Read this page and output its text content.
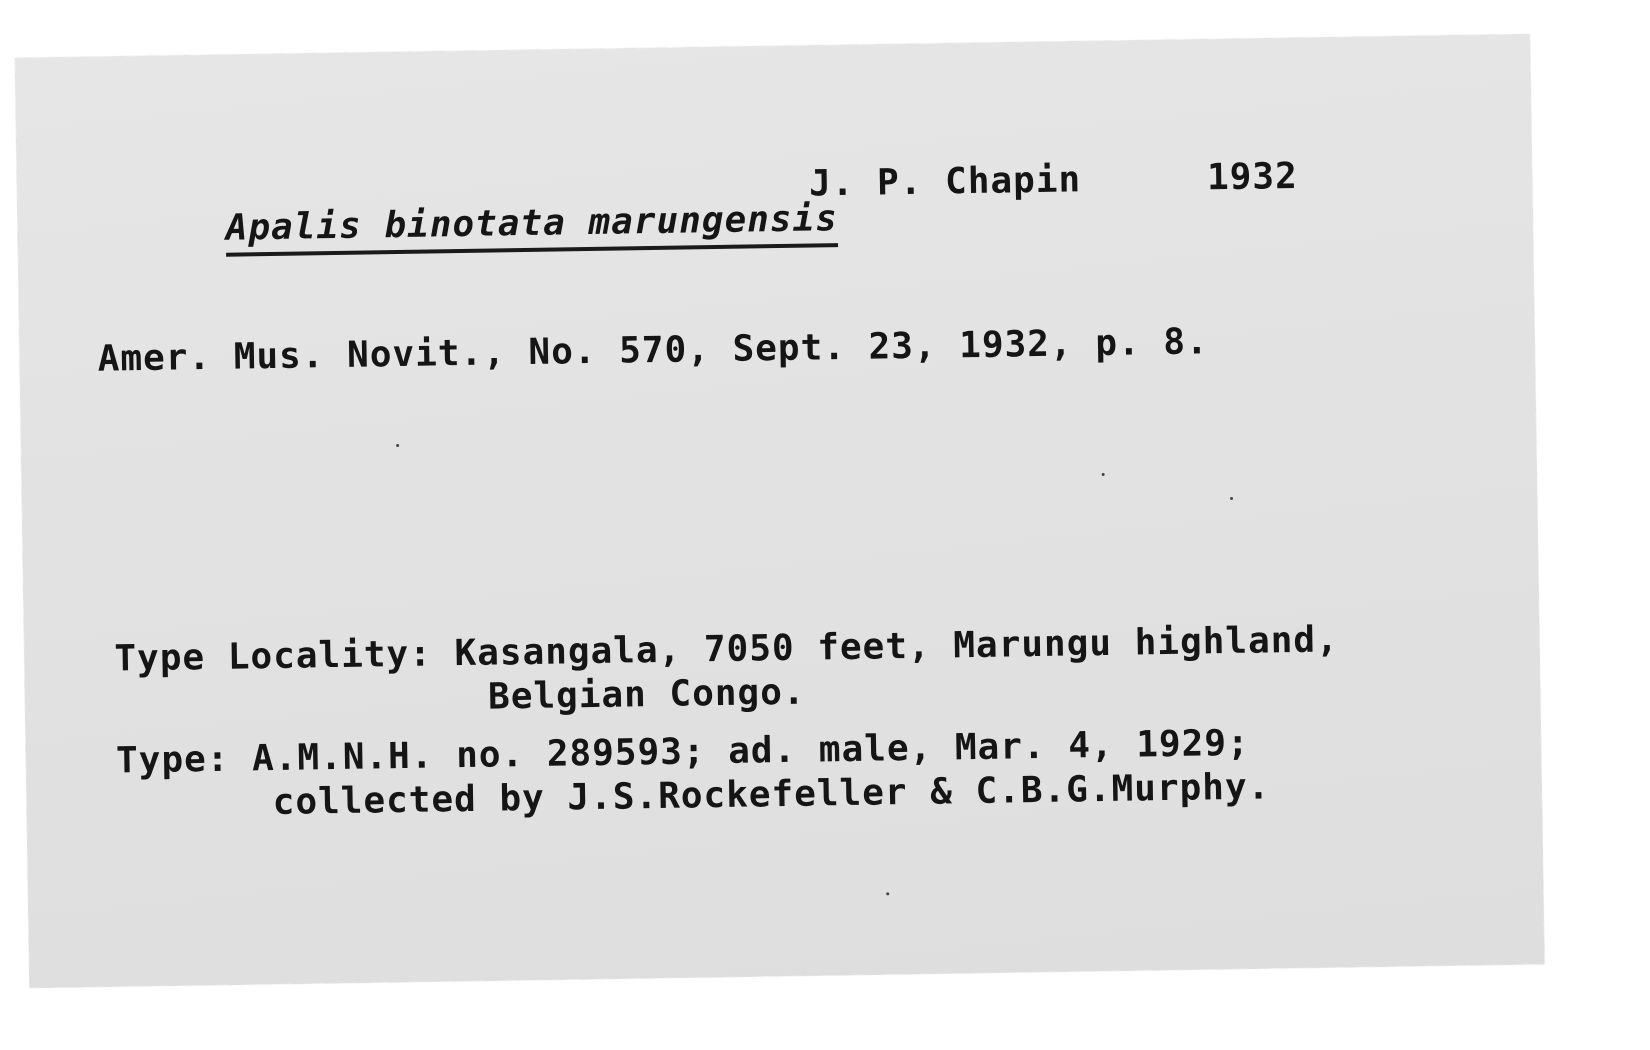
Apalis binotata marungensis

J. P. Chapin	1932
Amer. Mus. Novit., No. 570, Sept. 23, 1932, p. 8.
Type Locality: Kasangala, 7050 feet, Marungu highland,
Belgian Congo.
Type: A.M.N.H. no. 289593; ad. male, Mar. 4, 1929;
collected by J.S.Rockefeller & C.B.G.Murphy.
